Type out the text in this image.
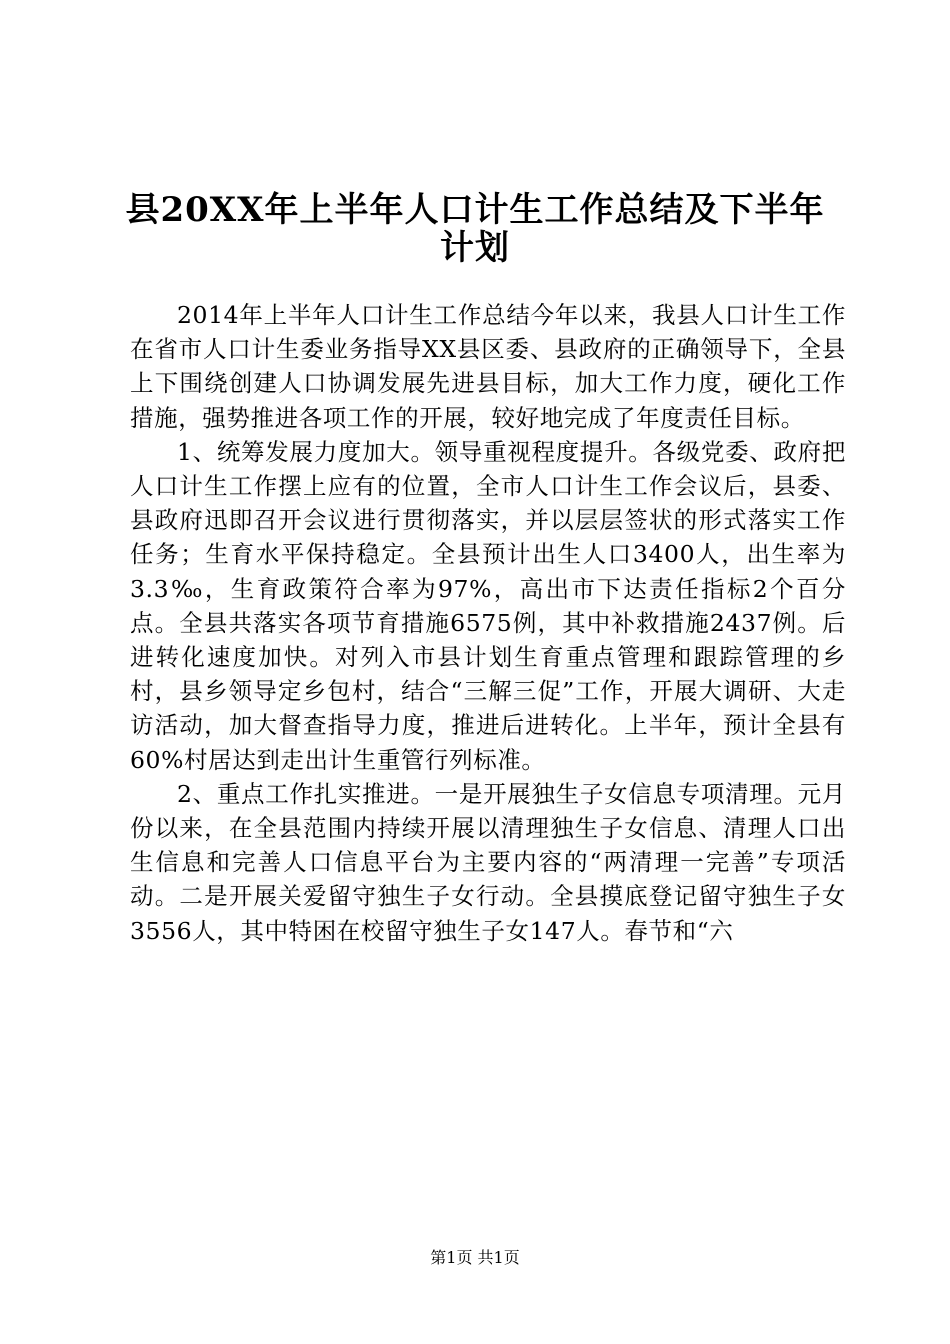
县20XX年上半年人口计生工作总结及下半年
计划

2014年上半年人口计生工作总结今年以来，我县人口计生工作在省市人口计生委业务指导XX县区委、县政府的正确领导下，全县上下围绕创建人口协调发展先进县目标，加大工作力度，硬化工作措施，强势推进各项工作的开展，较好地完成了年度责任目标。

1、统筹发展力度加大。领导重视程度提升。各级党委、政府把人口计生工作摆上应有的位置，全市人口计生工作会议后，县委、县政府迅即召开会议进行贯彻落实，并以层层签状的形式落实工作任务；生育水平保持稳定。全县预计出生人口3400人，出生率为3.3‰，生育政策符合率为97%，高出市下达责任指标2个百分点。全县共落实各项节育措施6575例，其中补救措施2437例。后进转化速度加快。对列入市县计划生育重点管理和跟踪管理的乡村，县乡领导定乡包村，结合“三解三促”工作，开展大调研、大走访活动，加大督查指导力度，推进后进转化。上半年，预计全县有60%村居达到走出计生重管行列标准。

2、重点工作扎实推进。一是开展独生子女信息专项清理。元月份以来，在全县范围内持续开展以清理独生子女信息、清理人口出生信息和完善人口信息平台为主要内容的“两清理一完善”专项活动。二是开展关爱留守独生子女行动。全县摸底登记留守独生子女3556人，其中特困在校留守独生子女147人。春节和“六

第1页 共1页
